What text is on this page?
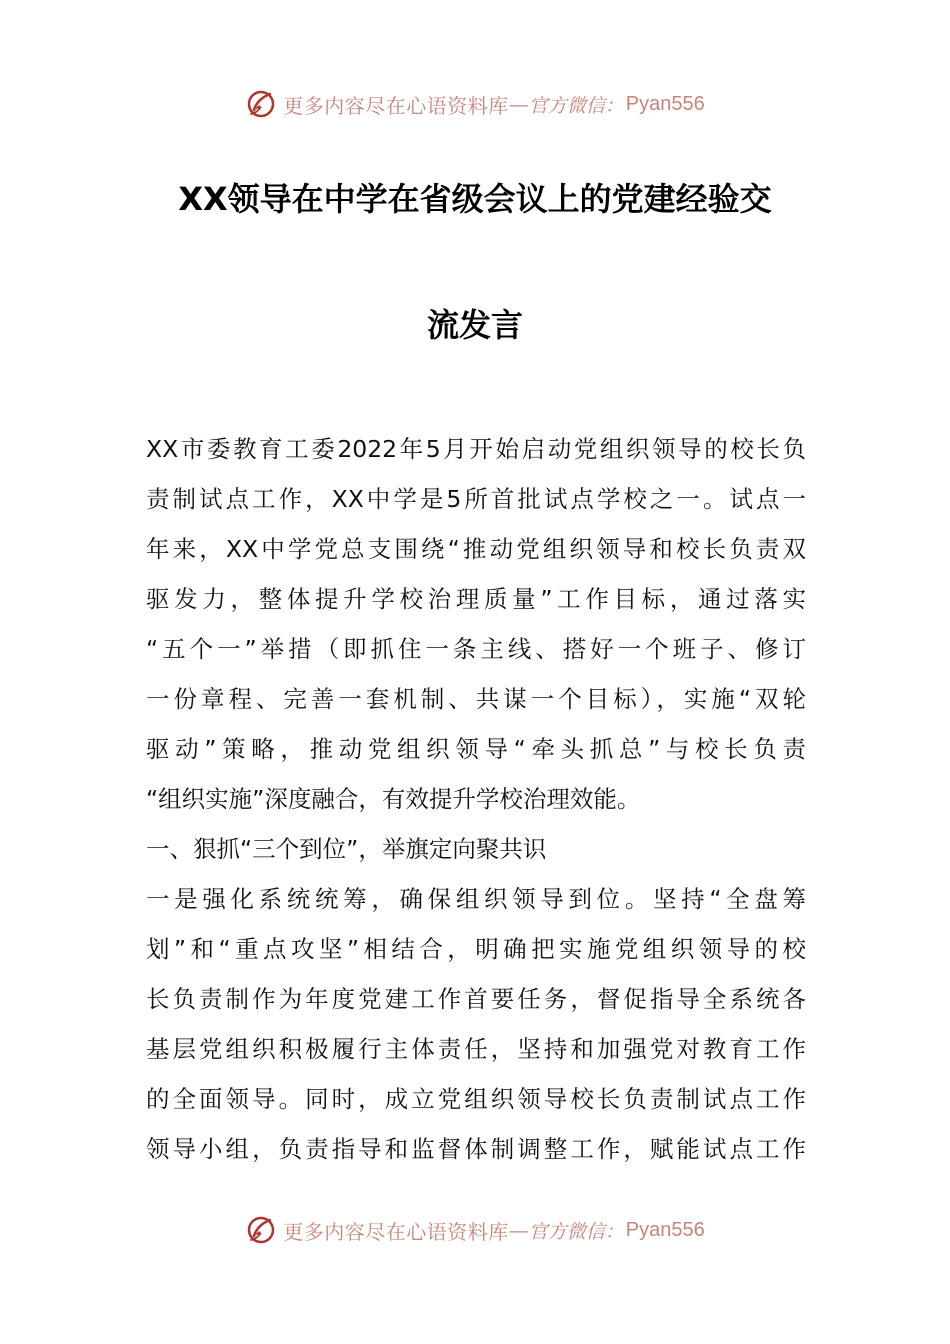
更多内容尽在心语资料库 — 官方微信： Pyan556
XX领导在中学在省级会议上的党建经验交
流发言
XX市委教育工委2022年5月开始启动党组织领导的校长负
责制试点工作，XX中学是5所首批试点学校之一。试点一
年来，XX中学党总支围绕“推动党组织领导和校长负责双
驱发力，整体提升学校治理质量”工作目标，通过落实
“五个一”举措（即抓住一条主线、搭好一个班子、修订
一份章程、完善一套机制、共谋一个目标），实施“双轮
驱动”策略，推动党组织领导“牵头抓总”与校长负责
“组织实施”深度融合，有效提升学校治理效能。
一、狠抓“三个到位”，举旗定向聚共识
一是强化系统统筹，确保组织领导到位。坚持“全盘筹
划”和“重点攻坚”相结合，明确把实施党组织领导的校
长负责制作为年度党建工作首要任务，督促指导全系统各
基层党组织积极履行主体责任，坚持和加强党对教育工作
的全面领导。同时，成立党组织领导校长负责制试点工作
领导小组，负责指导和监督体制调整工作，赋能试点工作
更多内容尽在心语资料库 — 官方微信： Pyan556
